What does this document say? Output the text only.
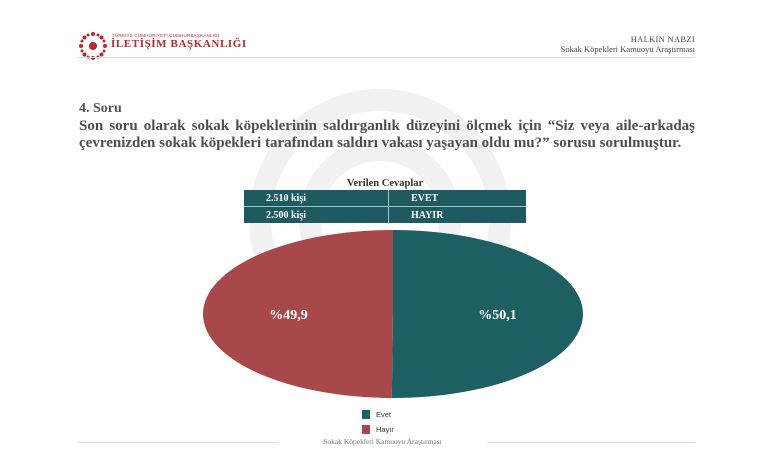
TÜRKİYE CUMHURİYETİ CUMHURBAŞKANLIĞI
İLETİŞİM BAŞKANLIĞI	HALKIN NABZI
Sokak Köpekleri Kamuoyu Araştırması
4. Soru
Son soru olarak sokak köpeklerinin saldırganlık düzeyini ölçmek için “Siz veya aile-arkadaş çevrenizden sokak köpekleri tarafından saldırı vakası yaşayan oldu mu?” sorusu sorulmuştur.
Verilen Cevaplar
2.510 kişi	EVET
2.500 kişi	HAYIR
%50,1
%49,9
Evet
Hayır
Sokak Köpekleri Kamuoyu Araştırması
